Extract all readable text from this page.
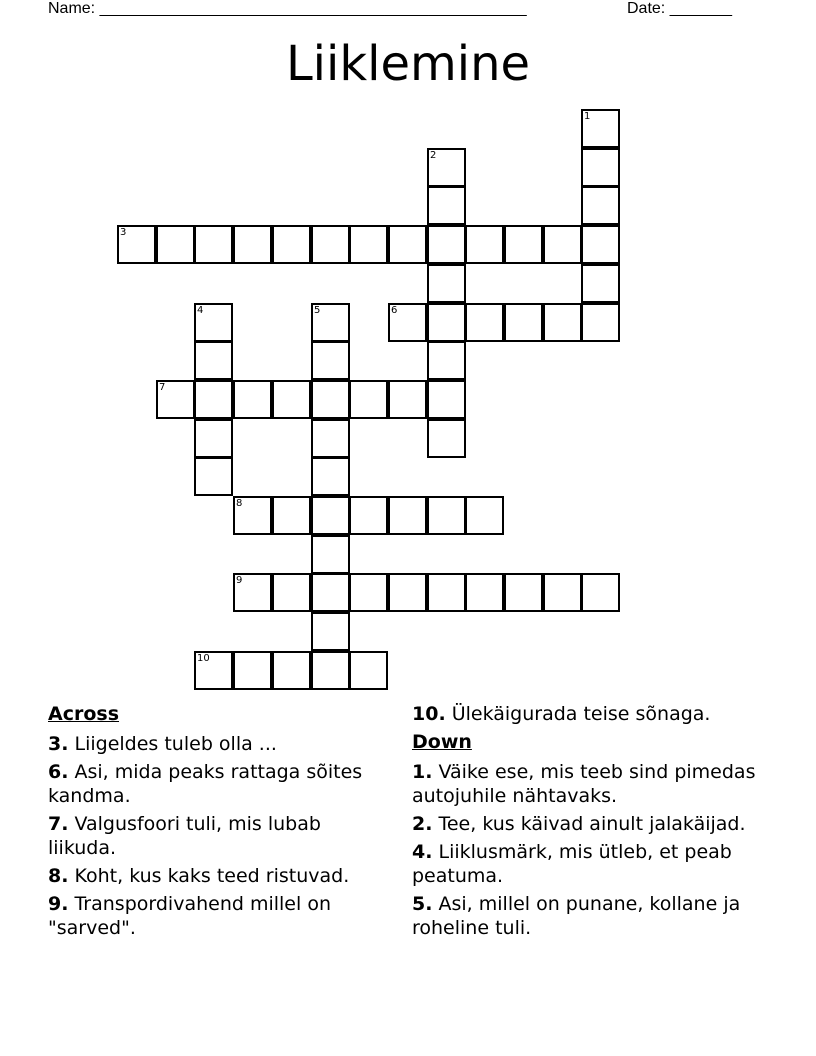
Name: ________________________________________________	Date: _______
Liiklemine
3
6
7
8
9
10
1
2
4	5
Across
3. Liigeldes tuleb olla ...
6. Asi, mida peaks rattaga sõites kandma.
7. Valgusfoori tuli, mis lubab liikuda.
8. Koht, kus kaks teed ristuvad.
9. Transpordivahend millel on "sarved".
10. Ülekäigurada teise sõnaga.
Down
1. Väike ese, mis teeb sind pimedas autojuhile nähtavaks.
2. Tee, kus käivad ainult jalakäijad.
4. Liiklusmärk, mis ütleb, et peab peatuma.
5. Asi, millel on punane, kollane ja roheline tuli.
